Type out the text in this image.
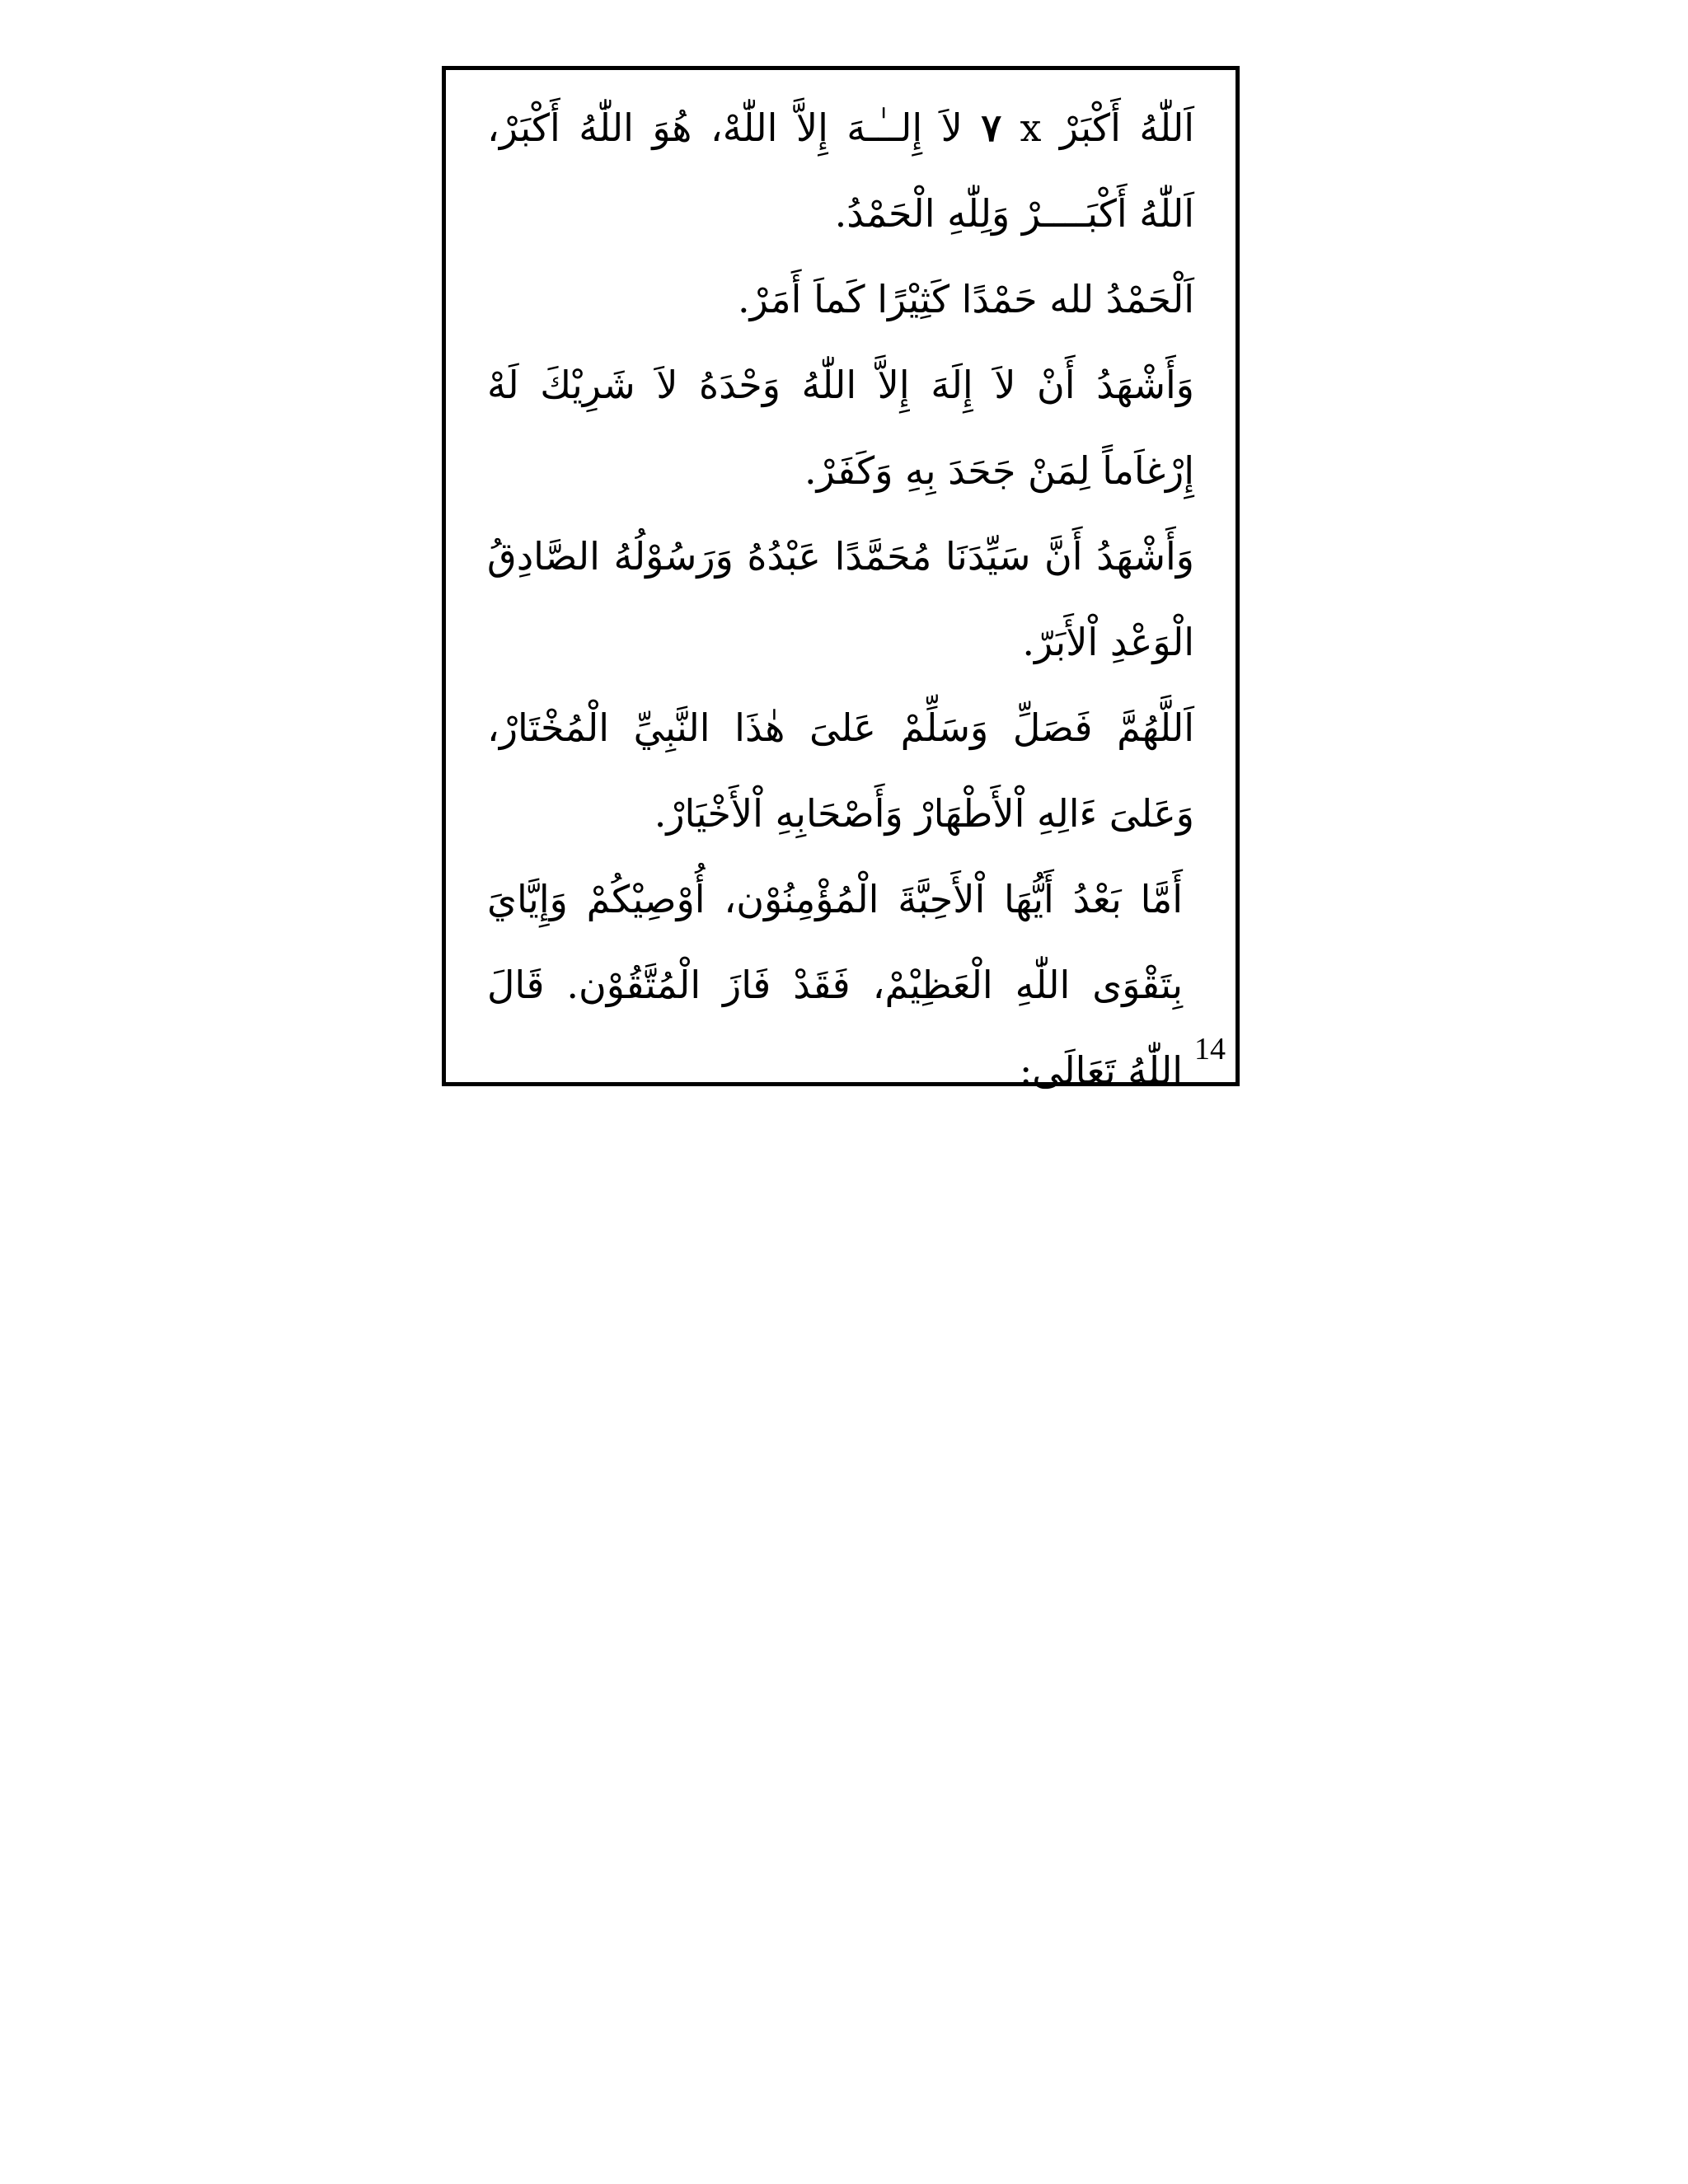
اَللّٰهُ أَكْبَرْ x ٧ لاَ إِلــٰـهَ إِلاَّ اللّٰهْ، هُوَ اللّٰهُ أَكْبَرْ، اَللّٰهُ أَكْبَــــرْ وَلِلّٰهِ الْحَمْدُ.

اَلْحَمْدُ لله حَمْدًا كَثِيْرًا كَماَ أَمَرْ.

وَأَشْهَدُ أَنْ لاَ إِلَهَ إِلاَّ اللّٰهُ وَحْدَهُ لاَ شَرِيْكَ لَهْ إِرْغاَماً لِمَنْ جَحَدَ بِهِ وَكَفَرْ.

وَأَشْهَدُ أَنَّ سَيِّدَنَا مُحَمَّدًا عَبْدُهُ وَرَسُوْلُهُ الصَّادِقُ الْوَعْدِ اْلأَبَرّ.

اَللَّهُمَّ فَصَلِّ وَسَلِّمْ عَلىَ هٰذَا النَّبِيِّ الْمُخْتَارْ، وَعَلىَ ءَالِهِ اْلأَطْهَارْ وَأَصْحَابِهِ اْلأَخْيَارْ.

أَمَّا بَعْدُ أَيُّهَا اْلأَحِبَّةَ الْمُؤْمِنُوْن، أُوْصِيْكُمْ وَإِيَّايَ بِتَقْوَى اللّٰهِ الْعَظِيْمْ، فَقَدْ فَازَ الْمُتَّقُوْن. قَالَ اللّٰهُ تَعَالَى: 14
